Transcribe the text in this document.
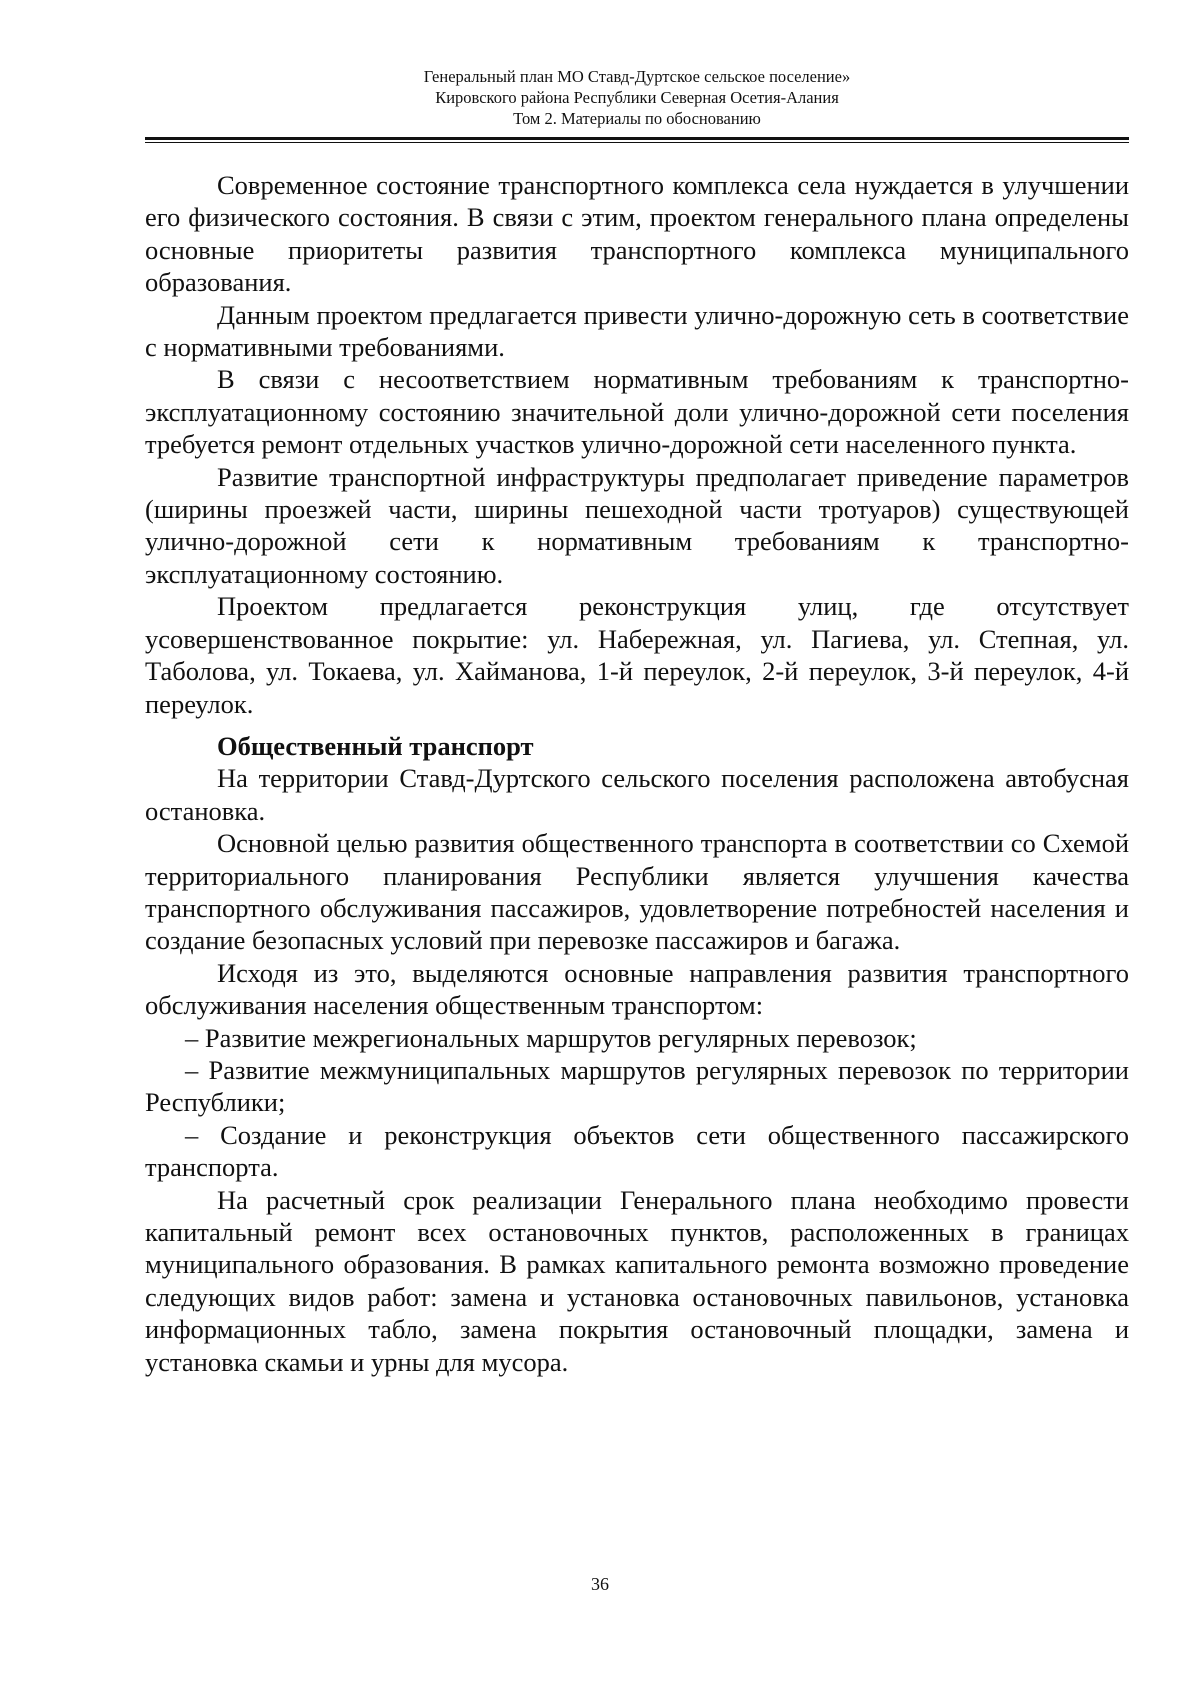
Генеральный план МО Ставд-Дуртское сельское поселение»
Кировского района Республики Северная Осетия-Алания
Том 2. Материалы по обоснованию

Современное состояние транспортного комплекса села нуждается в улучшении его физического состояния. В связи с этим, проектом генерального плана определены основные приоритеты развития транспортного комплекса муниципального образования.

Данным проектом предлагается привести улично-дорожную сеть в соответствие с нормативными требованиями.

В связи с несоответствием нормативным требованиям к транспортно-эксплуатационному состоянию значительной доли улично-дорожной сети поселения требуется ремонт отдельных участков улично-дорожной сети населенного пункта.

Развитие транспортной инфраструктуры предполагает приведение параметров (ширины проезжей части, ширины пешеходной части тротуаров) существующей улично-дорожной сети к нормативным требованиям к транспортно-эксплуатационному состоянию.

Проектом предлагается реконструкция улиц, где отсутствует усовершенствованное покрытие: ул. Набережная, ул. Пагиева, ул. Степная, ул. Таболова, ул. Токаева, ул. Хайманова, 1-й переулок, 2-й переулок, 3-й переулок, 4-й переулок.

Общественный транспорт

На территории Ставд-Дуртского сельского поселения расположена автобусная остановка.

Основной целью развития общественного транспорта в соответствии со Схемой территориального планирования Республики является улучшения качества транспортного обслуживания пассажиров, удовлетворение потребностей населения и создание безопасных условий при перевозке пассажиров и багажа.

Исходя из это, выделяются основные направления развития транспортного обслуживания населения общественным транспортом:

– Развитие межрегиональных маршрутов регулярных перевозок;

– Развитие межмуниципальных маршрутов регулярных перевозок по территории Республики;

– Создание и реконструкция объектов сети общественного пассажирского транспорта.

На расчетный срок реализации Генерального плана необходимо провести капитальный ремонт всех остановочных пунктов, расположенных в границах муниципального образования. В рамках капитального ремонта возможно проведение следующих видов работ: замена и установка остановочных павильонов, установка информационных табло, замена покрытия остановочный площадки, замена и установка скамьи и урны для мусора.

36
